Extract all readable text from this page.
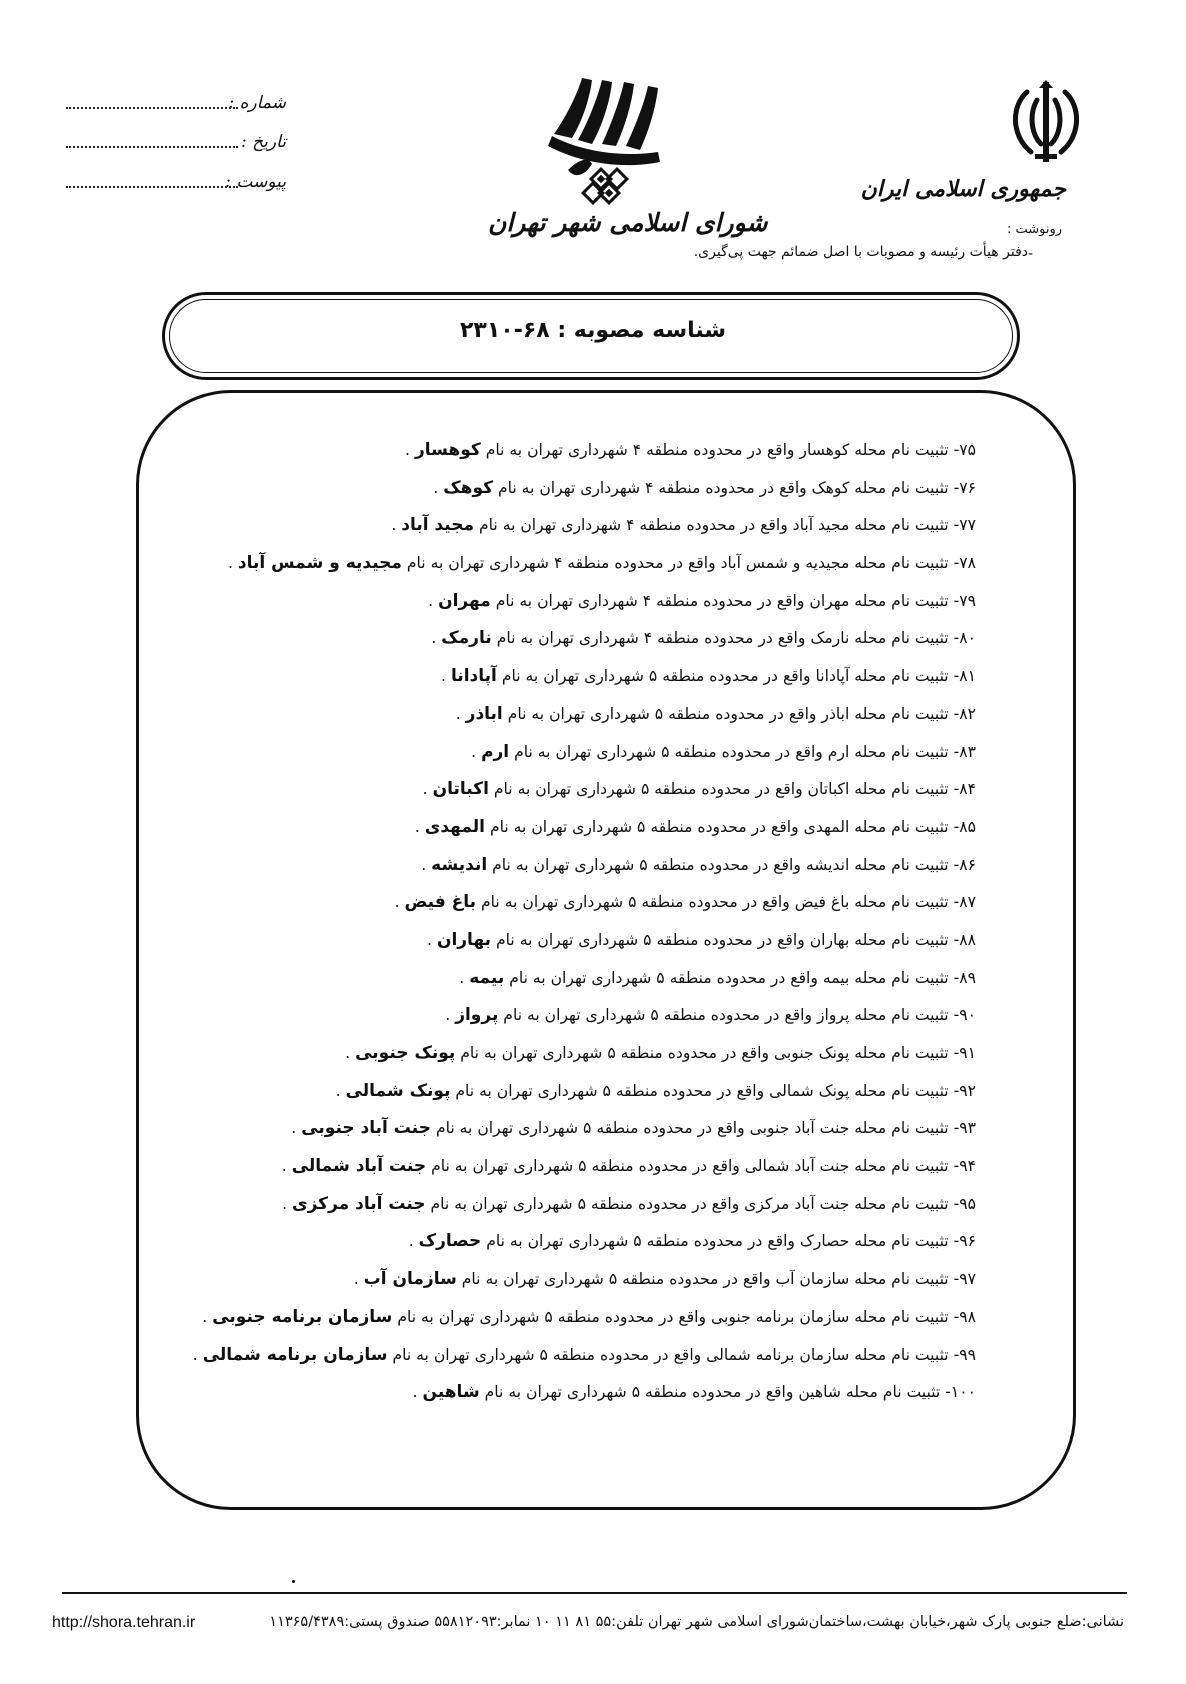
شماره :
تاریخ :
پیوست :
شورای اسلامی شهر تهران
جمهوری اسلامی ایران
رونوشت :
-
دفتر هیأت رئیسه و مصوبات با اصل ضمائم جهت پی‌گیری.
شناسه مصوبه : ۶۸-۲۳۱۰
۷۵- تثبیت نام محله کوهسار واقع در محدوده منطقه ۴ شهرداری تهران به نام کوهسار .
۷۶- تثبیت نام محله کوهک واقع در محدوده منطقه ۴ شهرداری تهران به نام کوهک .
۷۷- تثبیت نام محله مجید آباد واقع در محدوده منطقه ۴ شهرداری تهران به نام مجید آباد .
۷۸- تثبیت نام محله مجیدیه و شمس آباد واقع در محدوده منطقه ۴ شهرداری تهران به نام مجیدیه و شمس آباد .
۷۹- تثبیت نام محله مهران واقع در محدوده منطقه ۴ شهرداری تهران به نام مهران .
۸۰- تثبیت نام محله نارمک واقع در محدوده منطقه ۴ شهرداری تهران به نام نارمک .
۸۱- تثبیت نام محله آپادانا واقع در محدوده منطقه ۵ شهرداری تهران به نام آپادانا .
۸۲- تثبیت نام محله اباذر واقع در محدوده منطقه ۵ شهرداری تهران به نام اباذر .
۸۳- تثبیت نام محله ارم واقع در محدوده منطقه ۵ شهرداری تهران به نام ارم .
۸۴- تثبیت نام محله اکباتان واقع در محدوده منطقه ۵ شهرداری تهران به نام اکباتان .
۸۵- تثبیت نام محله المهدی واقع در محدوده منطقه ۵ شهرداری تهران به نام المهدی .
۸۶- تثبیت نام محله اندیشه واقع در محدوده منطقه ۵ شهرداری تهران به نام اندیشه .
۸۷- تثبیت نام محله باغ فیض واقع در محدوده منطقه ۵ شهرداری تهران به نام باغ فیض .
۸۸- تثبیت نام محله بهاران واقع در محدوده منطقه ۵ شهرداری تهران به نام بهاران .
۸۹- تثبیت نام محله بیمه واقع در محدوده منطقه ۵ شهرداری تهران به نام بیمه .
۹۰- تثبیت نام محله پرواز واقع در محدوده منطقه ۵ شهرداری تهران به نام پرواز .
۹۱- تثبیت نام محله پونک جنوبی واقع در محدوده منطقه ۵ شهرداری تهران به نام پونک جنوبی .
۹۲- تثبیت نام محله پونک شمالی واقع در محدوده منطقه ۵ شهرداری تهران به نام پونک شمالی .
۹۳- تثبیت نام محله جنت آباد جنوبی واقع در محدوده منطقه ۵ شهرداری تهران به نام جنت آباد جنوبی .
۹۴- تثبیت نام محله جنت آباد شمالی واقع در محدوده منطقه ۵ شهرداری تهران به نام جنت آباد شمالی .
۹۵- تثبیت نام محله جنت آباد مرکزی واقع در محدوده منطقه ۵ شهرداری تهران به نام جنت آباد مرکزی .
۹۶- تثبیت نام محله حصارک واقع در محدوده منطقه ۵ شهرداری تهران به نام حصارک .
۹۷- تثبیت نام محله سازمان آب واقع در محدوده منطقه ۵ شهرداری تهران به نام سازمان آب .
۹۸- تثبیت نام محله سازمان برنامه جنوبی واقع در محدوده منطقه ۵ شهرداری تهران به نام سازمان برنامه جنوبی .
۹۹- تثبیت نام محله سازمان برنامه شمالی واقع در محدوده منطقه ۵ شهرداری تهران به نام سازمان برنامه شمالی .
۱۰۰- تثبیت نام محله شاهین واقع در محدوده منطقه ۵ شهرداری تهران به نام شاهین .
http://shora.tehran.ir	نشانی:ضلع جنوبی پارک شهر،خیابان بهشت،ساختمان‌شورای اسلامی شهر تهران تلفن:۵۵ ۸۱ ۱۱ ۱۰ نمابر:۵۵۸۱۲۰۹۳ صندوق پستی:۱۱۳۶۵/۴۳۸۹
